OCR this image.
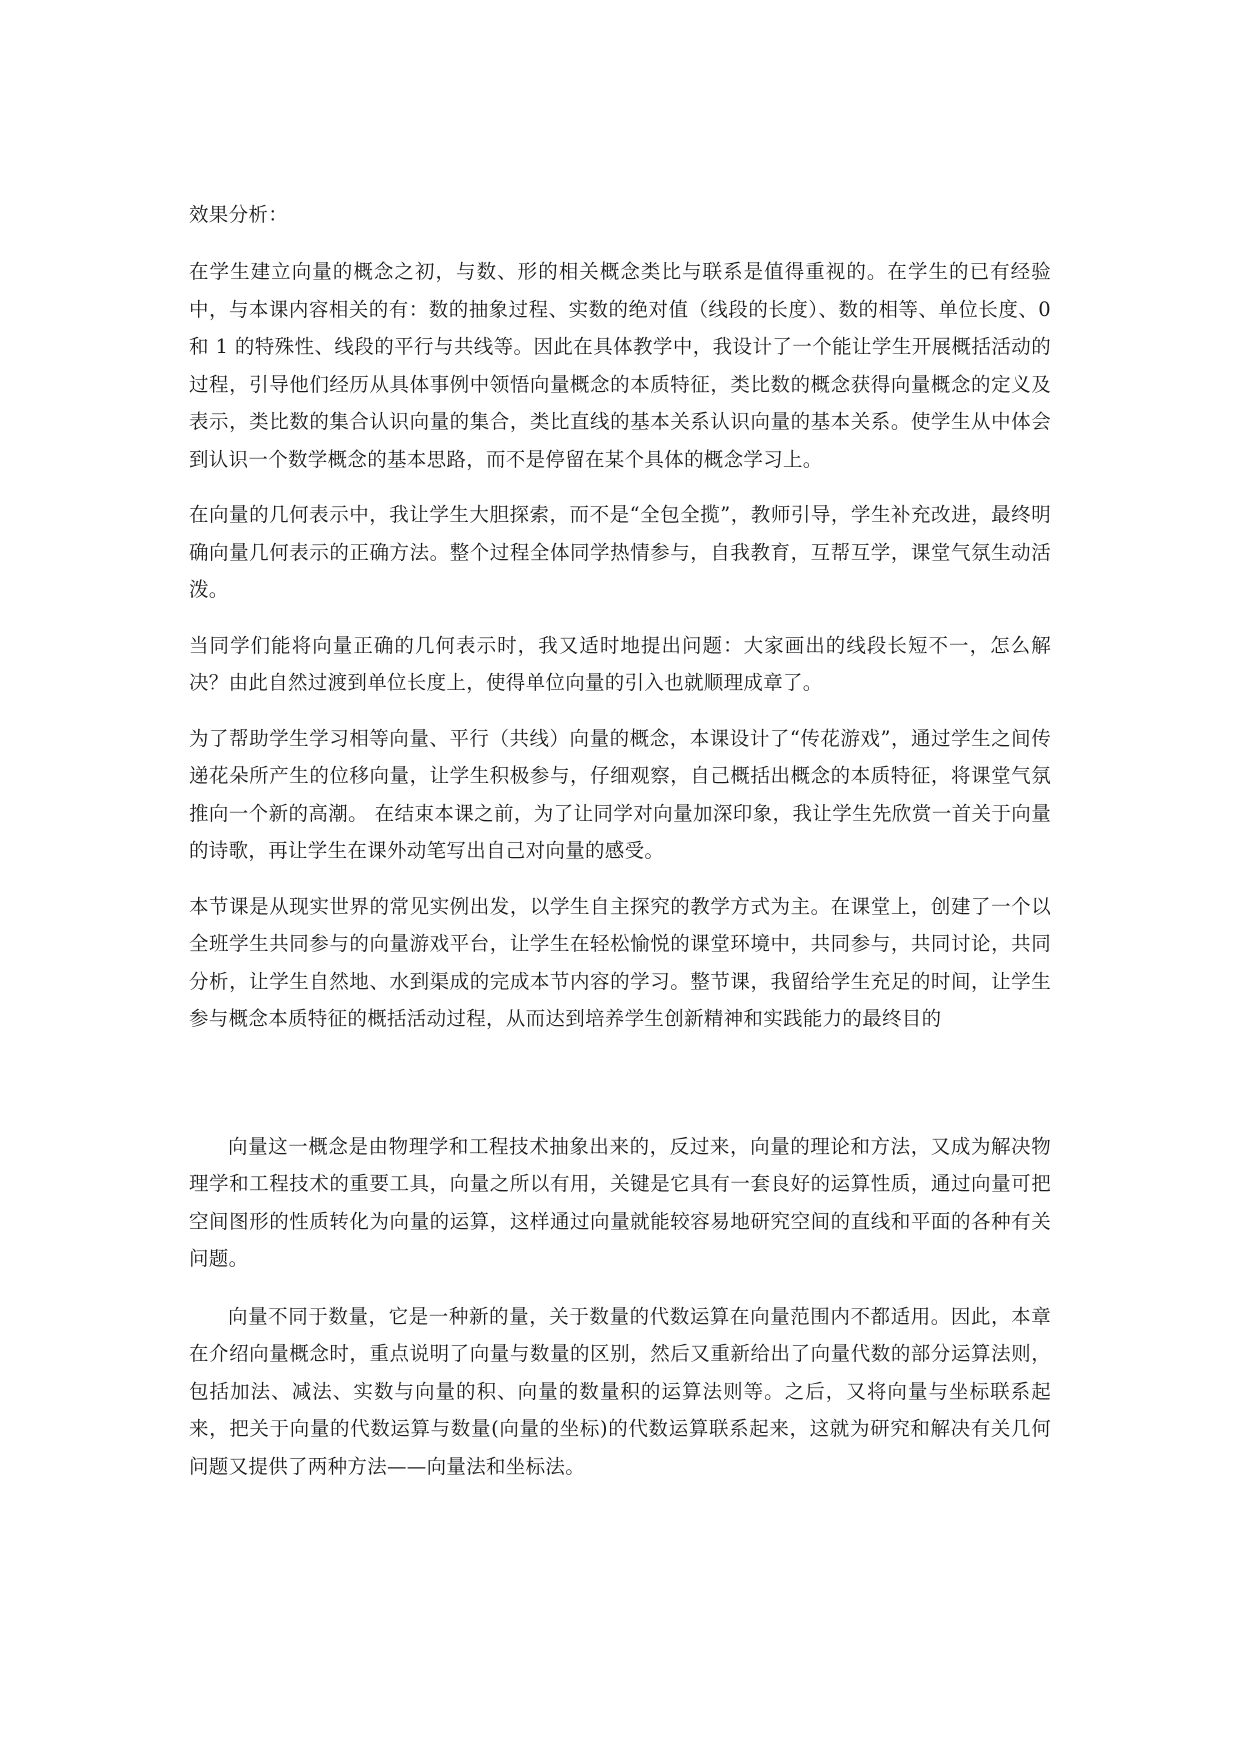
效果分析：

在学生建立向量的概念之初，与数、形的相关概念类比与联系是值得重视的。在学生的已有经验中，与本课内容相关的有：数的抽象过程、实数的绝对值（线段的长度）、数的相等、单位长度、0 和 1 的特殊性、线段的平行与共线等。因此在具体教学中，我设计了一个能让学生开展概括活动的过程，引导他们经历从具体事例中领悟向量概念的本质特征，类比数的概念获得向量概念的定义及表示，类比数的集合认识向量的集合，类比直线的基本关系认识向量的基本关系。使学生从中体会到认识一个数学概念的基本思路，而不是停留在某个具体的概念学习上。

在向量的几何表示中，我让学生大胆探索，而不是“全包全揽”，教师引导，学生补充改进，最终明确向量几何表示的正确方法。整个过程全体同学热情参与，自我教育，互帮互学，课堂气氛生动活泼。

当同学们能将向量正确的几何表示时，我又适时地提出问题：大家画出的线段长短不一，怎么解决？由此自然过渡到单位长度上，使得单位向量的引入也就顺理成章了。

为了帮助学生学习相等向量、平行（共线）向量的概念，本课设计了“传花游戏”，通过学生之间传递花朵所产生的位移向量，让学生积极参与，仔细观察，自己概括出概念的本质特征，将课堂气氛推向一个新的高潮。 在结束本课之前，为了让同学对向量加深印象，我让学生先欣赏一首关于向量的诗歌，再让学生在课外动笔写出自己对向量的感受。

本节课是从现实世界的常见实例出发，以学生自主探究的教学方式为主。在课堂上，创建了一个以全班学生共同参与的向量游戏平台，让学生在轻松愉悦的课堂环境中，共同参与，共同讨论，共同分析，让学生自然地、水到渠成的完成本节内容的学习。整节课，我留给学生充足的时间，让学生参与概念本质特征的概括活动过程，从而达到培养学生创新精神和实践能力的最终目的

向量这一概念是由物理学和工程技术抽象出来的，反过来，向量的理论和方法，又成为解决物理学和工程技术的重要工具，向量之所以有用，关键是它具有一套良好的运算性质，通过向量可把空间图形的性质转化为向量的运算，这样通过向量就能较容易地研究空间的直线和平面的各种有关问题。

向量不同于数量，它是一种新的量，关于数量的代数运算在向量范围内不都适用。因此，本章在介绍向量概念时，重点说明了向量与数量的区别，然后又重新给出了向量代数的部分运算法则，包括加法、减法、实数与向量的积、向量的数量积的运算法则等。之后，又将向量与坐标联系起来，把关于向量的代数运算与数量(向量的坐标)的代数运算联系起来，这就为研究和解决有关几何问题又提供了两种方法——向量法和坐标法。
